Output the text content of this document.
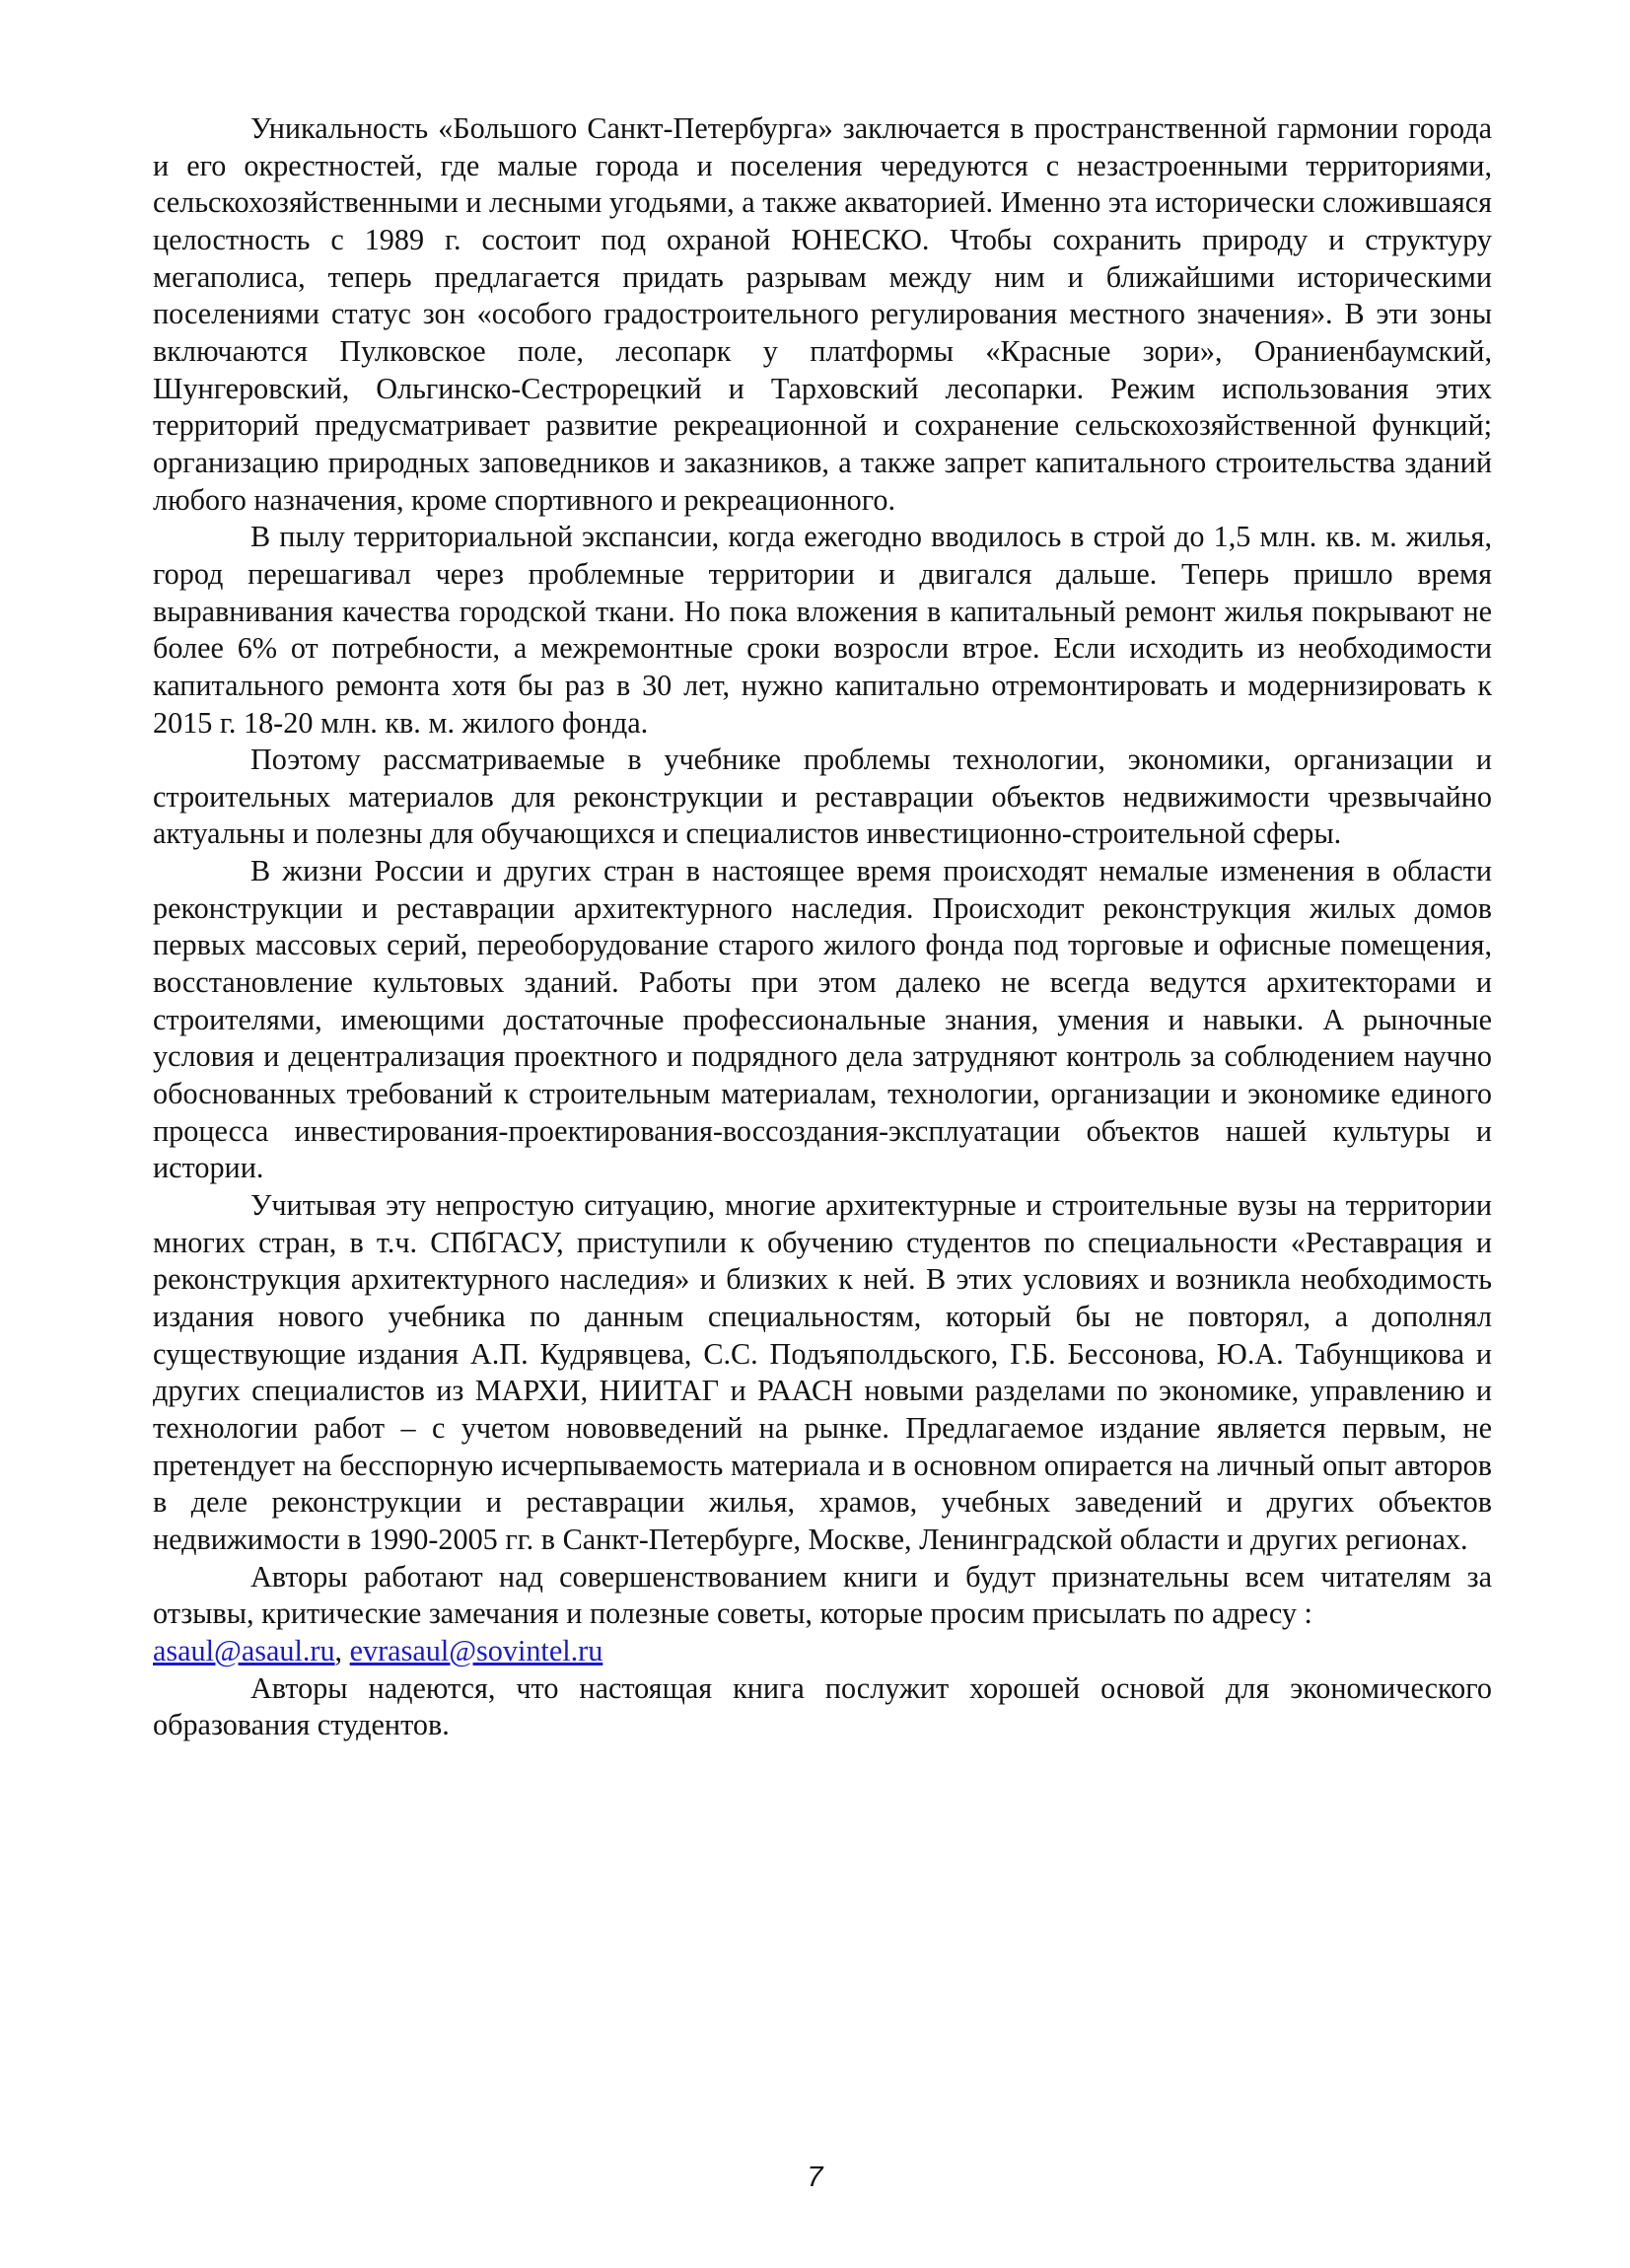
Уникальность «Большого Санкт-Петербурга» заключается в пространственной гармонии города и его окрестностей, где малые города и поселения чередуются с незастроенными территориями, сельскохозяйственными и лесными угодьями, а также акваторией. Именно эта исторически сложившаяся целостность с 1989 г. состоит под охраной ЮНЕСКО. Чтобы сохранить природу и структуру мегаполиса, теперь предлагается придать разрывам между ним и ближайшими историческими поселениями статус зон «особого градостроительного регулирования местного значения». В эти зоны включаются Пулковское поле, лесопарк у платформы «Красные зори», Ораниенбаумский, Шунгеровский, Ольгинско-Сестрорецкий и Тарховский лесопарки. Режим использования этих территорий предусматривает развитие рекреационной и сохранение сельскохозяйственной функций; организацию природных заповедников и заказников, а также запрет капитального строительства зданий любого назначения, кроме спортивного и рекреационного.

В пылу территориальной экспансии, когда ежегодно вводилось в строй до 1,5 млн. кв. м. жилья, город перешагивал через проблемные территории и двигался дальше. Теперь пришло время выравнивания качества городской ткани. Но пока вложения в капитальный ремонт жилья покрывают не более 6% от потребности, а межремонтные сроки возросли втрое. Если исходить из необходимости капитального ремонта хотя бы раз в 30 лет, нужно капитально отремонтировать и модернизировать к 2015 г. 18-20 млн. кв. м. жилого фонда.

Поэтому рассматриваемые в учебнике проблемы технологии, экономики, организации и строительных материалов для реконструкции и реставрации объектов недвижимости чрезвычайно актуальны и полезны для обучающихся и специалистов инвестиционно-строительной сферы.

В жизни России и других стран в настоящее время происходят немалые изменения в области реконструкции и реставрации архитектурного наследия. Происходит реконструкция жилых домов первых массовых серий, переоборудование старого жилого фонда под торговые и офисные помещения, восстановление культовых зданий. Работы при этом далеко не всегда ведутся архитекторами и строителями, имеющими достаточные профессиональные знания, умения и навыки. А рыночные условия и децентрализация проектного и подрядного дела затрудняют контроль за соблюдением научно обоснованных требований к строительным материалам, технологии, организации и экономике единого процесса инвестирования-проектирования-воссоздания-эксплуатации объектов нашей культуры и истории.

Учитывая эту непростую ситуацию, многие архитектурные и строительные вузы на территории многих стран, в т.ч. СПбГАСУ, приступили к обучению студентов по специальности «Реставрация и реконструкция архитектурного наследия» и близких к ней. В этих условиях и возникла необходимость издания нового учебника по данным специальностям, который бы не повторял, а дополнял существующие издания А.П. Кудрявцева, С.С. Подъяполдьского, Г.Б. Бессонова, Ю.А. Табунщикова и других специалистов из МАРХИ, НИИТАГ и РААСН новыми разделами по экономике, управлению и технологии работ – с учетом нововведений на рынке. Предлагаемое издание является первым, не претендует на бесспорную исчерпываемость материала и в основном опирается на личный опыт авторов в деле реконструкции и реставрации жилья, храмов, учебных заведений и других объектов недвижимости в 1990-2005 гг. в Санкт-Петербурге, Москве, Ленинградской области и других регионах.

Авторы работают над совершенствованием книги и будут признательны всем читателям за отзывы, критические замечания и полезные советы, которые просим присылать по адресу :

asaul@asaul.ru, evrasaul@sovintel.ru

Авторы надеются, что настоящая книга послужит хорошей основой для экономического образования студентов.

7
